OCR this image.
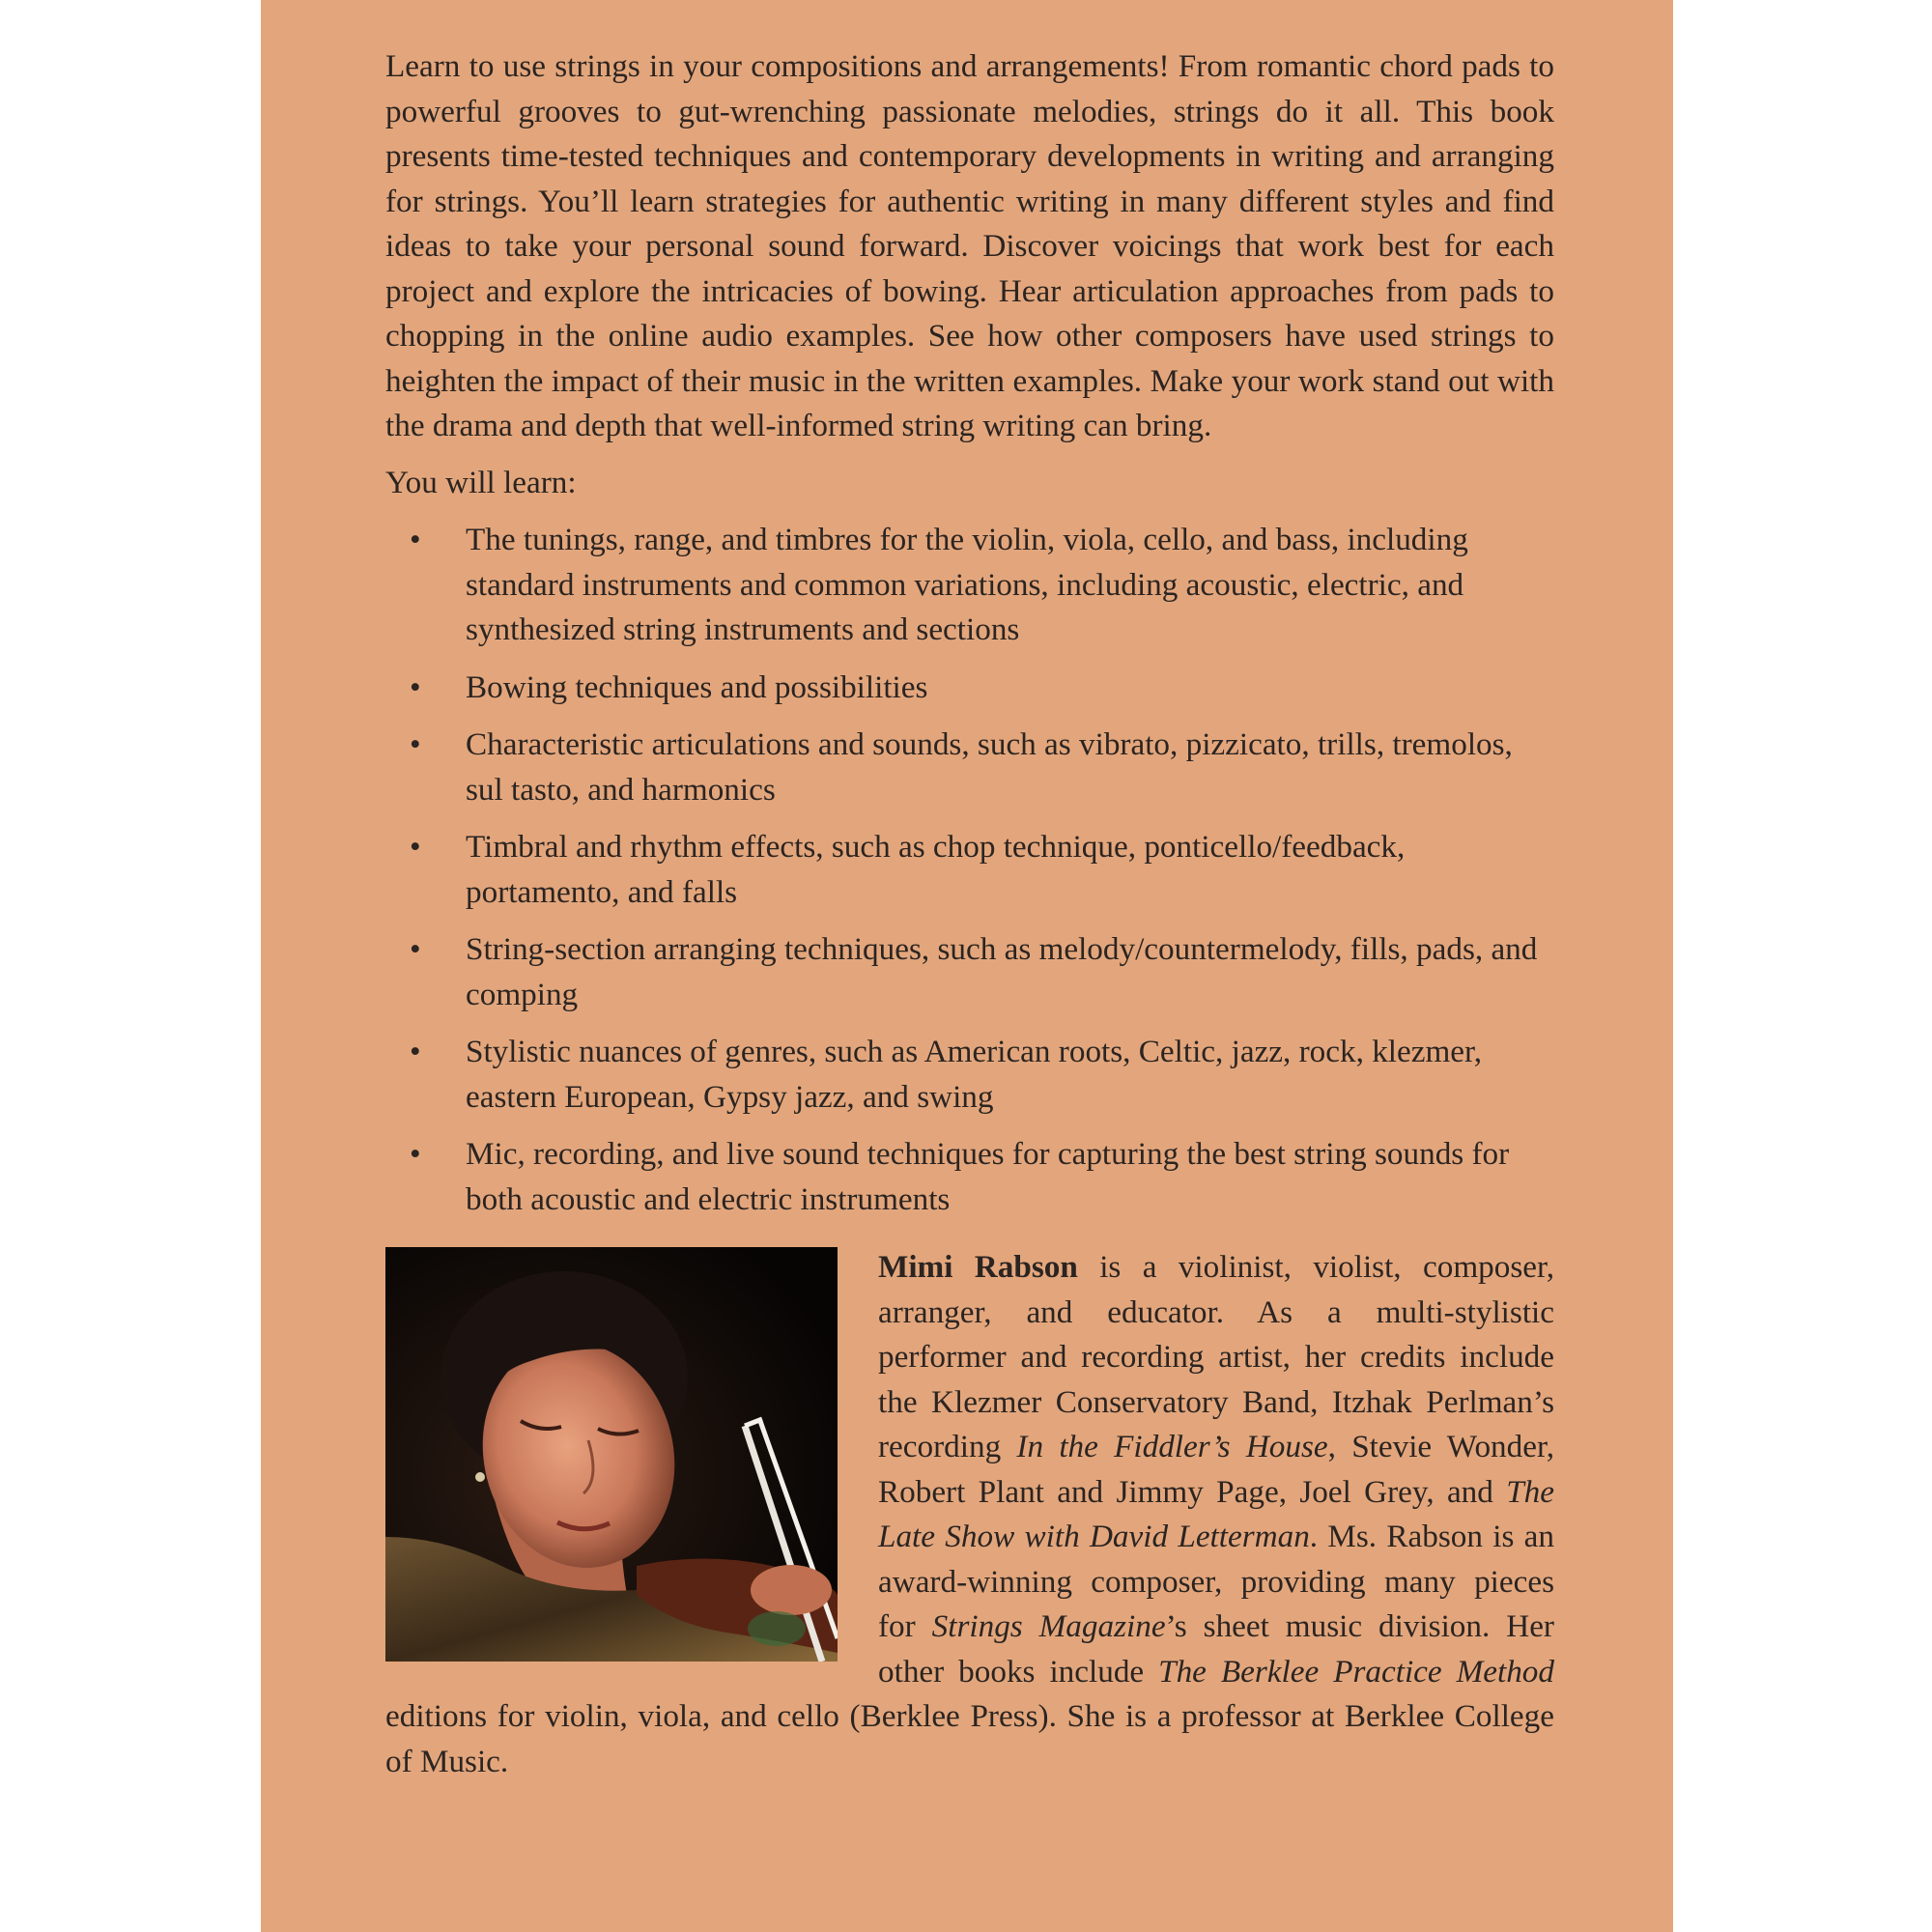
Learn to use strings in your compositions and arrangements! From romantic chord pads to powerful grooves to gut-wrenching passionate melodies, strings do it all. This book presents time-tested techniques and contemporary developments in writing and arranging for strings. You’ll learn strategies for authentic writing in many different styles and find ideas to take your personal sound forward. Discover voicings that work best for each project and explore the intricacies of bowing. Hear articulation approaches from pads to chopping in the online audio examples. See how other composers have used strings to heighten the impact of their music in the written examples. Make your work stand out with the drama and depth that well-informed string writing can bring.

You will learn:

• The tunings, range, and timbres for the violin, viola, cello, and bass, including standard instruments and common variations, including acoustic, electric, and synthesized string instruments and sections
• Bowing techniques and possibilities
• Characteristic articulations and sounds, such as vibrato, pizzicato, trills, tremolos, sul tasto, and harmonics
• Timbral and rhythm effects, such as chop technique, ponticello/feedback, portamento, and falls
• String-section arranging techniques, such as melody/countermelody, fills, pads, and comping
• Stylistic nuances of genres, such as American roots, Celtic, jazz, rock, klezmer, eastern European, Gypsy jazz, and swing
• Mic, recording, and live sound techniques for capturing the best string sounds for both acoustic and electric instruments
Mimi Rabson is a violinist, violist, composer, arranger, and educator. As a multi-stylistic performer and recording artist, her credits include the Klezmer Conservatory Band, Itzhak Perlman’s recording In the Fiddler’s House, Stevie Wonder, Robert Plant and Jimmy Page, Joel Grey, and The Late Show with David Letterman. Ms. Rabson is an award-winning composer, providing many pieces for Strings Magazine’s sheet music division. Her other books include The Berklee Practice Method editions for violin, viola, and cello (Berklee Press). She is a professor at Berklee College of Music.
